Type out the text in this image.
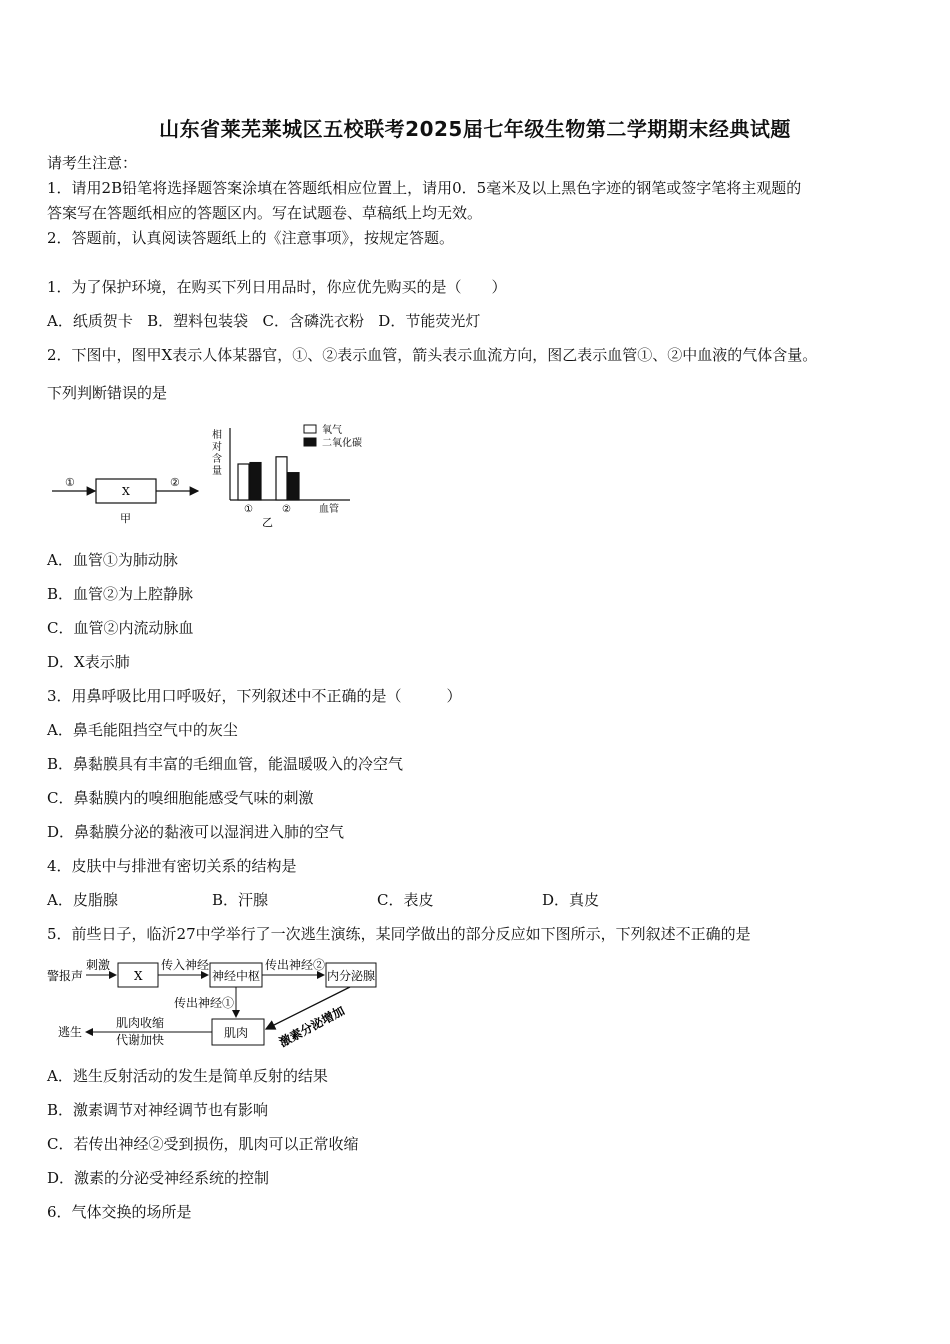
山东省莱芜莱城区五校联考2025届七年级生物第二学期期末经典试题
请考生注意：
1．请用2B铅笔将选择题答案涂填在答题纸相应位置上，请用0．5毫米及以上黑色字迹的钢笔或签字笔将主观题的
答案写在答题纸相应的答题区内。写在试题卷、草稿纸上均无效。
2．答题前，认真阅读答题纸上的《注意事项》，按规定答题。
1．为了保护环境，在购买下列日用品时，你应优先购买的是（　　）
A．纸质贺卡 B．塑料包装袋 C．含磷洗衣粉 D．节能荧光灯
2．下图中，图甲X表示人体某器官，①、②表示血管，箭头表示血流方向，图乙表示血管①、②中血液的气体含量。
下列判断错误的是
①
X
②
甲
相
对
含
量
氧气
二氧化碳
①	②	血管
乙
A．血管①为肺动脉
B．血管②为上腔静脉
C．血管②内流动脉血
D．X表示肺
3．用鼻呼吸比用口呼吸好，下列叙述中不正确的是（　　　）
A．鼻毛能阻挡空气中的灰尘
B．鼻黏膜具有丰富的毛细血管，能温暖吸入的冷空气
C．鼻黏膜内的嗅细胞能感受气味的刺激
D．鼻黏膜分泌的黏液可以湿润进入肺的空气
4．皮肤中与排泄有密切关系的结构是
A．皮脂腺	B．汗腺	C．表皮	D．真皮
5．前些日子，临沂27中学举行了一次逃生演练，某同学做出的部分反应如下图所示，下列叙述不正确的是
警报声
刺激
X
传入神经
神经中枢
传出神经②
内分泌腺
传出神经①
肌肉 激素分泌增加
肌肉收缩
代谢加快
逃生
A．逃生反射活动的发生是简单反射的结果
B．激素调节对神经调节也有影响
C．若传出神经②受到损伤，肌肉可以正常收缩
D．激素的分泌受神经系统的控制
6．气体交换的场所是
